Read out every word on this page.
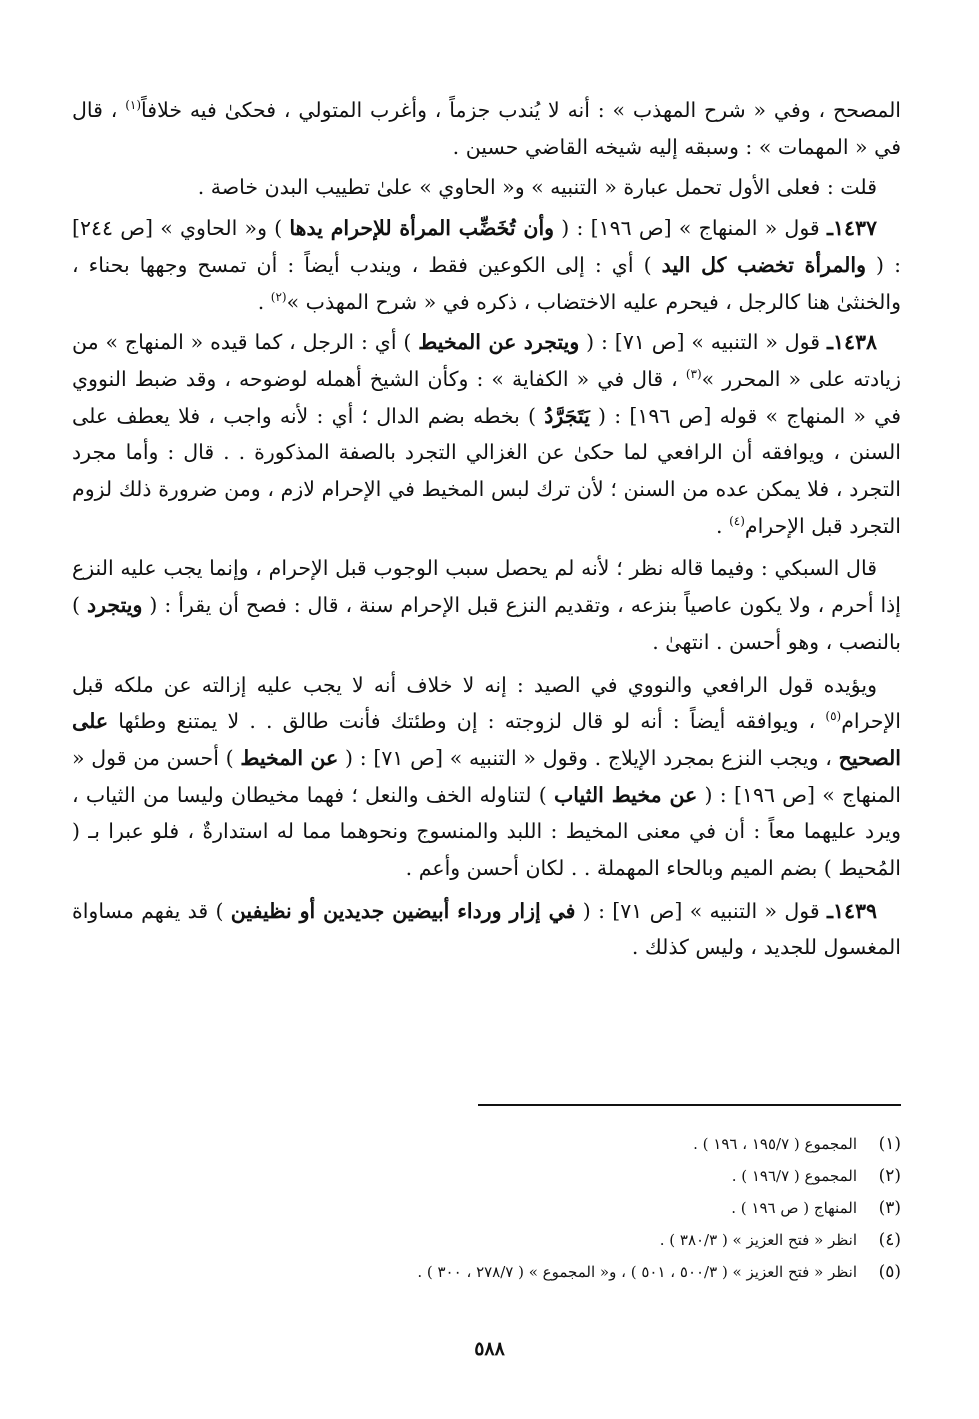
المصحح ، وفي « شرح المهذب » : أنه لا يُندب جزماً ، وأغرب المتولي ، فحكىٰ فيه خلافاً$^{(١)}$ ، قال في « المهمات » : وسبقه إليه شيخه القاضي حسين .

قلت : فعلى الأول تحمل عبارة « التنبيه » و« الحاوي » علىٰ تطييب البدن خاصة .

١٤٣٧ـ قول « المنهاج » [ص ١٩٦] : ( وأن تُخَضِّب المرأة للإحرام يدها ) و« الحاوي » [ص ٢٤٤] : ( والمرأة تخضب كل اليد ) أي : إلى الكوعين فقط ، ويندب أيضاً : أن تمسح وجهها بحناء ، والخنثىٰ هنا كالرجل ، فيحرم عليه الاختضاب ، ذكره في « شرح المهذب »$^{(٢)}$ .

١٤٣٨ـ قول « التنبيه » [ص ٧١] : ( ويتجرد عن المخيط ) أي : الرجل ، كما قيده « المنهاج » من زيادته على « المحرر »$^{(٣)}$ ، قال في « الكفاية » : وكأن الشيخ أهمله لوضوحه ، وقد ضبط النووي في « المنهاج » قوله [ص ١٩٦] : ( يَتَجَرَّدُ ) بخطه بضم الدال ؛ أي : لأنه واجب ، فلا يعطف على السنن ، ويوافقه أن الرافعي لما حكىٰ عن الغزالي التجرد بالصفة المذكورة . . قال : وأما مجرد التجرد ، فلا يمكن عده من السنن ؛ لأن ترك لبس المخيط في الإحرام لازم ، ومن ضرورة ذلك لزوم التجرد قبل الإحرام$^{(٤)}$ .

قال السبكي : وفيما قاله نظر ؛ لأنه لم يحصل سبب الوجوب قبل الإحرام ، وإنما يجب عليه النزع إذا أحرم ، ولا يكون عاصياً بنزعه ، وتقديم النزع قبل الإحرام سنة ، قال : فصح أن يقرأ : ( ويتجرد ) بالنصب ، وهو أحسن . انتهىٰ .

ويؤيده قول الرافعي والنووي في الصيد : إنه لا خلاف أنه لا يجب عليه إزالته عن ملكه قبل الإحرام$^{(٥)}$ ، ويوافقه أيضاً : أنه لو قال لزوجته : إن وطئتك فأنت طالق . . لا يمتنع وطئها على الصحيح ، ويجب النزع بمجرد الإيلاج . وقول « التنبيه » [ص ٧١] : ( عن المخيط ) أحسن من قول « المنهاج » [ص ١٩٦] : ( عن مخيط الثياب ) لتناوله الخف والنعل ؛ فهما مخيطان وليسا من الثياب ، ويرد عليهما معاً : أن في معنى المخيط : اللبد والمنسوج ونحوهما مما له استدارةٌ ، فلو عبرا بـ ( المُحيط ) بضم الميم وبالحاء المهملة . . لكان أحسن وأعم .

١٤٣٩ـ قول « التنبيه » [ص ٧١] : ( في إزار ورداء أبيضين جديدين أو نظيفين ) قد يفهم مساواة المغسول للجديد ، وليس كذلك .

(١)
المجموع ( ١٩٥/٧ ، ١٩٦ ) .
(٢)
المجموع ( ١٩٦/٧ ) .
(٣)
المنهاج ( ص ١٩٦ ) .
(٤)
انظر « فتح العزيز » ( ٣٨٠/٣ ) .
(٥)
انظر « فتح العزيز » ( ٥٠٠/٣ ، ٥٠١ ) ، و« المجموع » ( ٢٧٨/٧ ، ٣٠٠ ) .
٥٨٨
